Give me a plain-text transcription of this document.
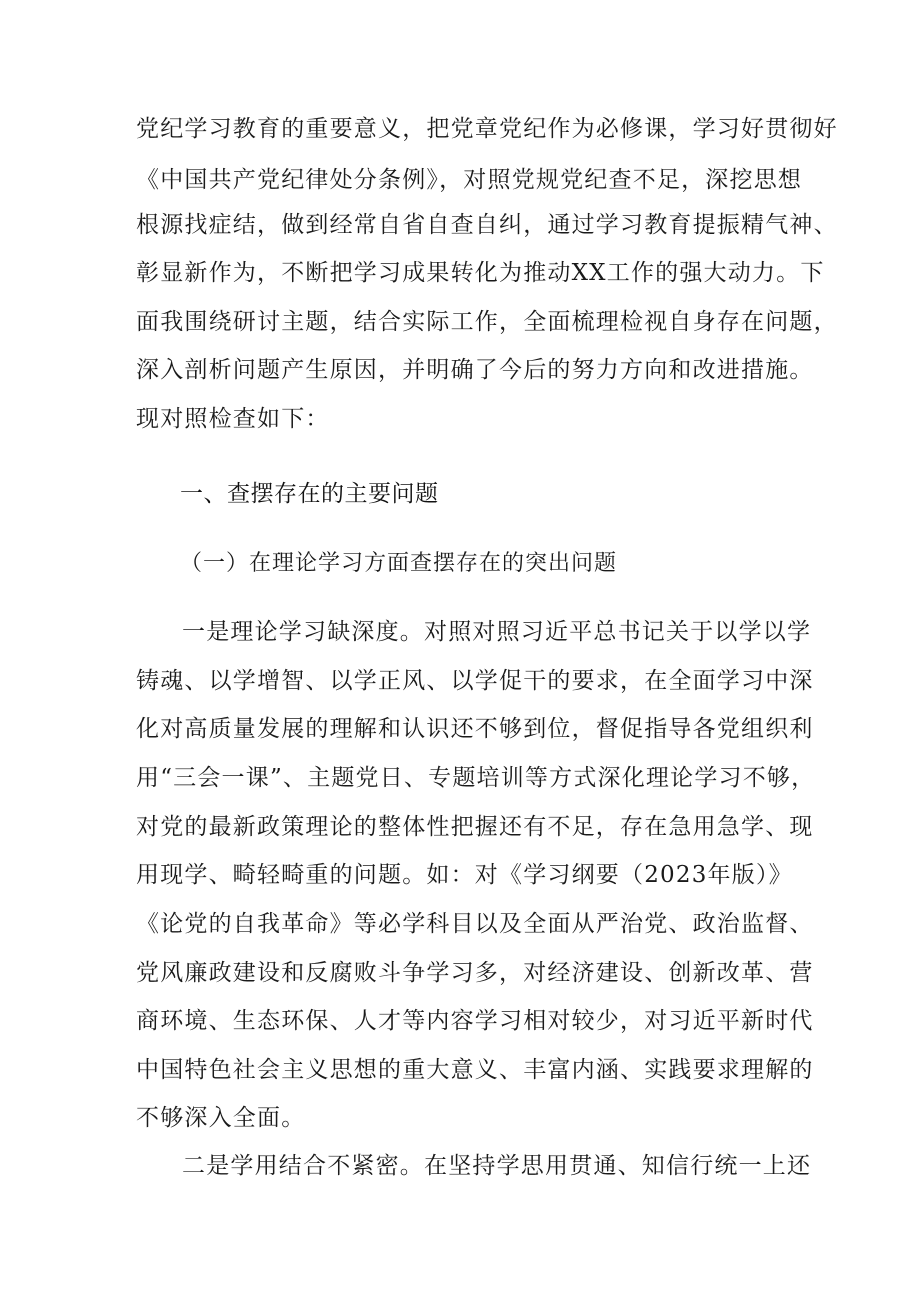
党纪学习教育的重要意义，把党章党纪作为必修课，学习好贯彻好
《中国共产党纪律处分条例》，对照党规党纪查不足，深挖思想
根源找症结，做到经常自省自查自纠，通过学习教育提振精气神、
彰显新作为，不断把学习成果转化为推动XX工作的强大动力。下
面我围绕研讨主题，结合实际工作，全面梳理检视自身存在问题，
深入剖析问题产生原因，并明确了今后的努力方向和改进措施。
现对照检查如下：
一、查摆存在的主要问题
（一）在理论学习方面查摆存在的突出问题
一是理论学习缺深度。对照对照习近平总书记关于以学以学
铸魂、以学增智、以学正风、以学促干的要求，在全面学习中深
化对高质量发展的理解和认识还不够到位，督促指导各党组织利
用“三会一课”、主题党日、专题培训等方式深化理论学习不够，
对党的最新政策理论的整体性把握还有不足，存在急用急学、现
用现学、畸轻畸重的问题。如：对《学习纲要（2023年版）》
《论党的自我革命》等必学科目以及全面从严治党、政治监督、
党风廉政建设和反腐败斗争学习多，对经济建设、创新改革、营
商环境、生态环保、人才等内容学习相对较少，对习近平新时代
中国特色社会主义思想的重大意义、丰富内涵、实践要求理解的
不够深入全面。
二是学用结合不紧密。在坚持学思用贯通、知信行统一上还
